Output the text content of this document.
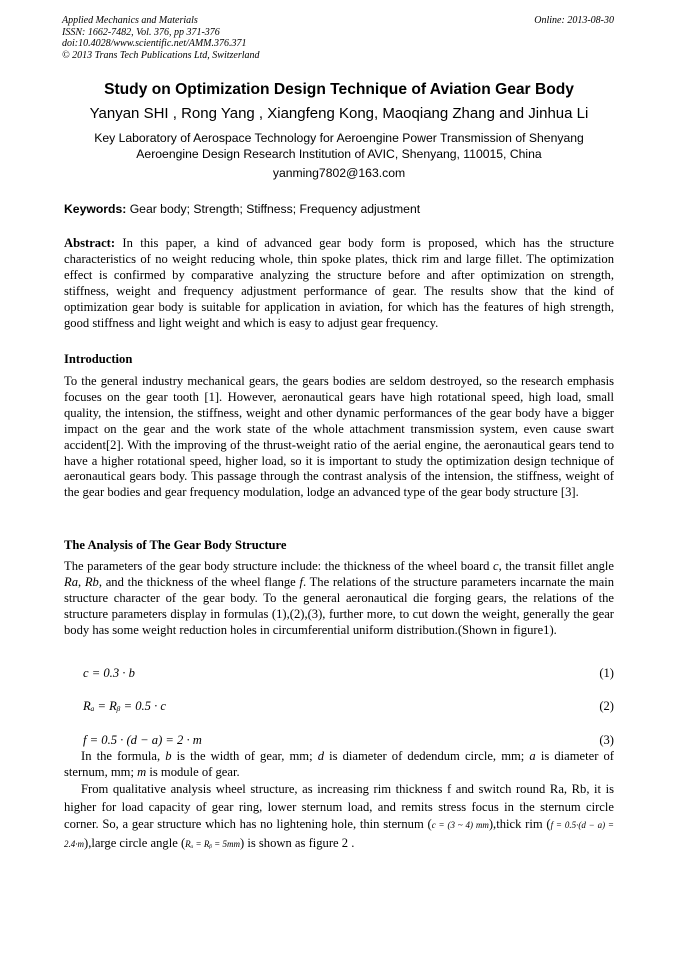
Applied Mechanics and Materials
ISSN: 1662-7482, Vol. 376, pp 371-376
doi:10.4028/www.scientific.net/AMM.376.371
© 2013 Trans Tech Publications Ltd, Switzerland
Online: 2013-08-30
Study on Optimization Design Technique of Aviation Gear Body
Yanyan SHI , Rong Yang , Xiangfeng Kong, Maoqiang Zhang and Jinhua Li
Key Laboratory of Aerospace Technology for Aeroengine Power Transmission of Shenyang
Aeroengine Design Research Institution of AVIC, Shenyang, 110015, China
yanming7802@163.com
Keywords: Gear body; Strength; Stiffness; Frequency adjustment
Abstract: In this paper, a kind of advanced gear body form is proposed, which has the structure characteristics of no weight reducing whole, thin spoke plates, thick rim and large fillet. The optimization effect is confirmed by comparative analyzing the structure before and after optimization on strength, stiffness, weight and frequency adjustment performance of gear. The results show that the kind of optimization gear body is suitable for application in aviation, for which has the features of high strength, good stiffness and light weight and which is easy to adjust gear frequency.
Introduction
To the general industry mechanical gears, the gears bodies are seldom destroyed, so the research emphasis focuses on the gear tooth [1]. However, aeronautical gears have high rotational speed, high load, small quality, the intension, the stiffness, weight and other dynamic performances of the gear body have a bigger impact on the gear and the work state of the whole attachment transmission system, even cause swart accident[2]. With the improving of the thrust-weight ratio of the aerial engine, the aeronautical gears tend to have a higher rotational speed, higher load, so it is important to study the optimization design technique of aeronautical gears body. This passage through the contrast analysis of the intension, the stiffness, weight of the gear bodies and gear frequency modulation, lodge an advanced type of the gear body structure [3].
The Analysis of The Gear Body Structure
The parameters of the gear body structure include: the thickness of the wheel board c, the transit fillet angle Ra, Rb, and the thickness of the wheel flange f. The relations of the structure parameters incarnate the main structure character of the gear body. To the general aeronautical die forging gears, the relations of the structure parameters display in formulas (1),(2),(3), further more, to cut down the weight, generally the gear body has some weight reduction holes in circumferential uniform distribution.(Shown in figure1).
c = 0.3 · b	(1)
Rₐ = Rᵦ = 0.5 · c	(2)
f = 0.5 · (d − a) = 2 · m	(3)
In the formula, b is the width of gear, mm; d is diameter of dedendum circle, mm; a is diameter of sternum, mm; m is module of gear.
From qualitative analysis wheel structure, as increasing rim thickness f and switch round Ra, Rb, it is higher for load capacity of gear ring, lower sternum load, and remits stress focus in the sternum circle corner. So, a gear structure which has no lightening hole, thin sternum (c = (3 ~ 4) mm),thick rim (f = 0.5·(d − a) = 2.4·m),large circle angle (Rₐ = Rᵦ = 5mm) is shown as figure 2 .
